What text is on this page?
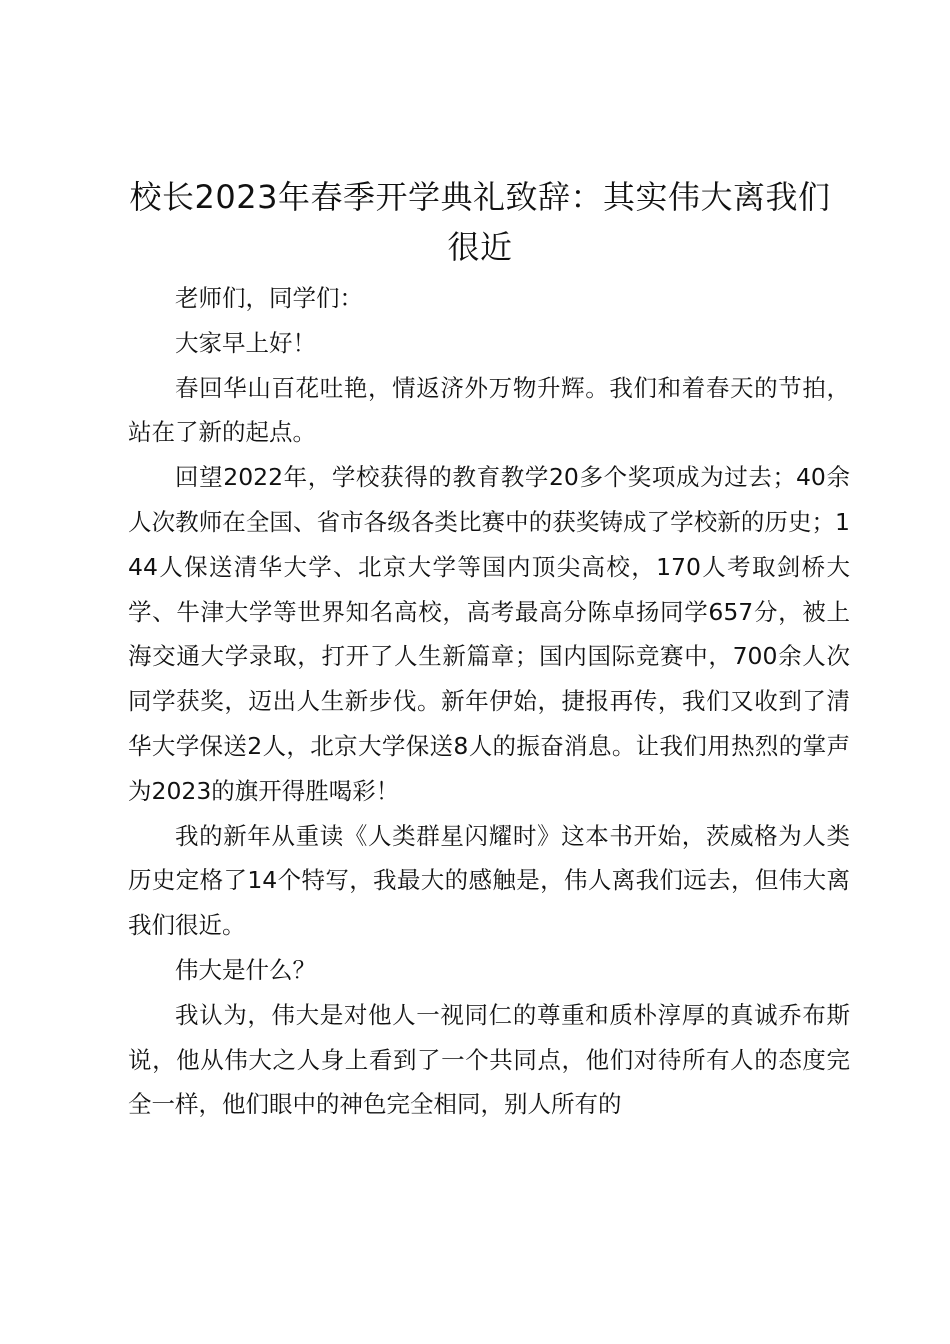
校长2023年春季开学典礼致辞：其实伟大离我们很近

老师们，同学们：

大家早上好！

春回华山百花吐艳，情返济外万物升辉。我们和着春天的节拍，站在了新的起点。

回望2022年，学校获得的教育教学20多个奖项成为过去；40余人次教师在全国、省市各级各类比赛中的获奖铸成了学校新的历史；144人保送清华大学、北京大学等国内顶尖高校，170人考取剑桥大学、牛津大学等世界知名高校，高考最高分陈卓扬同学657分，被上海交通大学录取，打开了人生新篇章；国内国际竞赛中，700余人次同学获奖，迈出人生新步伐。新年伊始，捷报再传，我们又收到了清华大学保送2人，北京大学保送8人的振奋消息。让我们用热烈的掌声为2023的旗开得胜喝彩！

我的新年从重读《人类群星闪耀时》这本书开始，茨威格为人类历史定格了14个特写，我最大的感触是，伟人离我们远去，但伟大离我们很近。

伟大是什么？

我认为，伟大是对他人一视同仁的尊重和质朴淳厚的真诚乔布斯说，他从伟大之人身上看到了一个共同点，他们对待所有人的态度完全一样，他们眼中的神色完全相同，别人所有的
